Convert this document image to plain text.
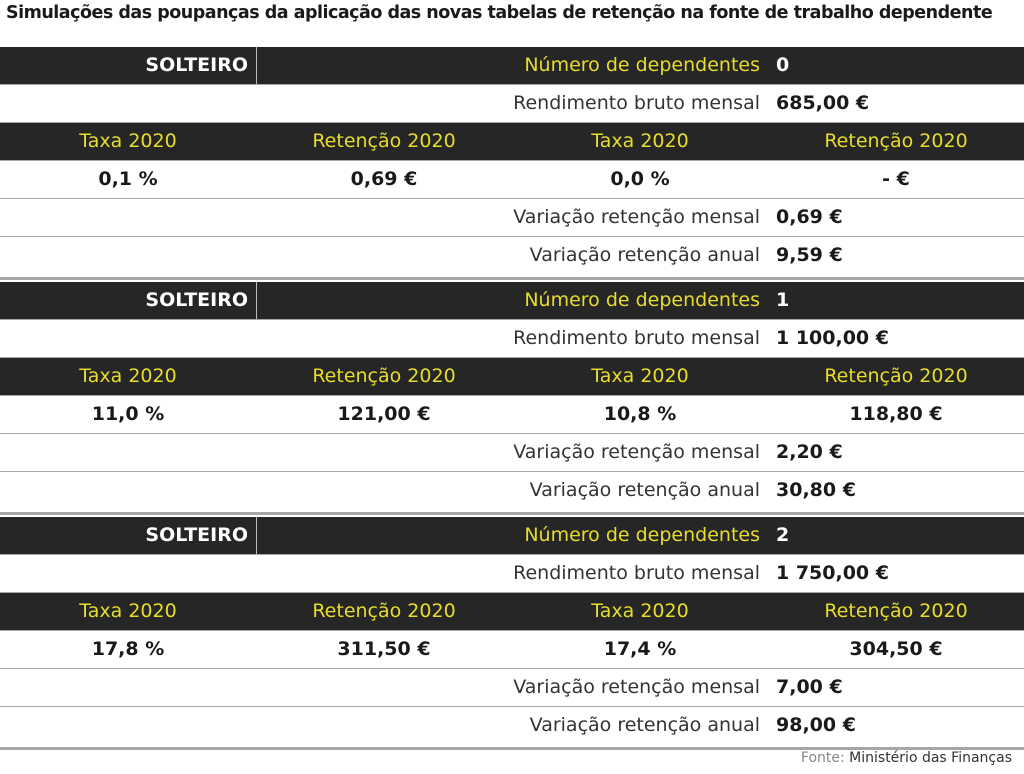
Simulações das poupanças da aplicação das novas tabelas de retenção na fonte de trabalho dependente
SOLTEIRO	Número de dependentes 0
Rendimento bruto mensal 685,00 €
Taxa 2020	Retenção 2020	Taxa 2020	Retenção 2020
0,1 %	0,69 €	0,0 %	- €
Variação retenção mensal 0,69 €
Variação retenção anual 9,59 €
SOLTEIRO	Número de dependentes 1
Rendimento bruto mensal 1 100,00 €
Taxa 2020	Retenção 2020	Taxa 2020	Retenção 2020
11,0 %	121,00 €	10,8 %	118,80 €
Variação retenção mensal 2,20 €
Variação retenção anual 30,80 €
SOLTEIRO	Número de dependentes 2
Rendimento bruto mensal 1 750,00 €
Taxa 2020	Retenção 2020	Taxa 2020	Retenção 2020
17,8 %	311,50 €	17,4 %	304,50 €
Variação retenção mensal 7,00 €
Variação retenção anual 98,00 €
Fonte: Ministério das Finanças
